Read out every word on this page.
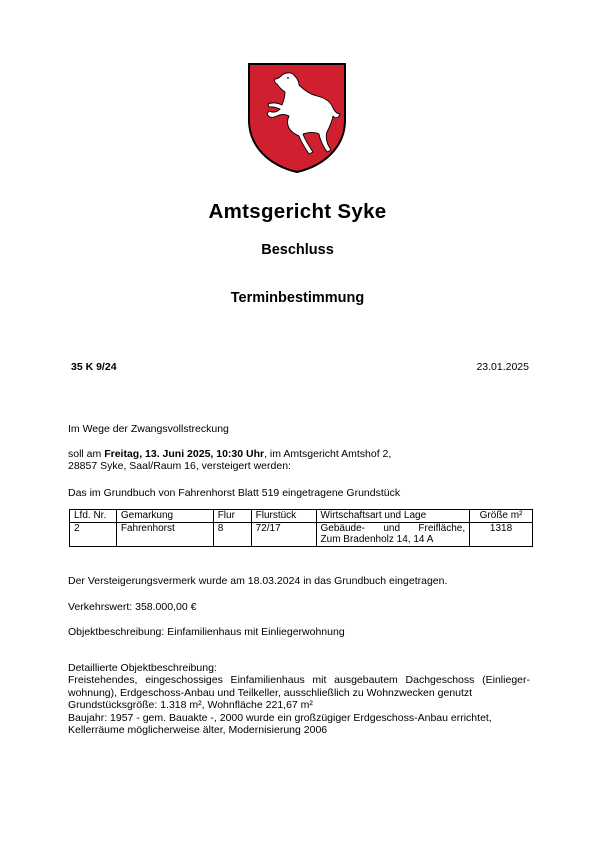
Amtsgericht Syke
Beschluss
Terminbestimmung
35 K 9/24	23.01.2025
Im Wege der Zwangsvollstreckung
soll am Freitag, 13. Juni 2025, 10:30 Uhr, im Amtsgericht Amtshof 2,
28857 Syke, Saal/Raum 16, versteigert werden:
Das im Grundbuch von Fahrenhorst Blatt 519 eingetragene Grundstück
Lfd. Nr.	Gemarkung	Flur	Flurstück	Wirtschaftsart und Lage	Größe m²
2	Fahrenhorst	8	72/17	Gebäude- und Freifläche,
Zum Bradenholz 14, 14 A	1318
Der Versteigerungsvermerk wurde am 18.03.2024 in das Grundbuch eingetragen.
Verkehrswert: 358.000,00 €
Objektbeschreibung: Einfamilienhaus mit Einliegerwohnung
Detaillierte Objektbeschreibung:
Freistehendes, eingeschossiges Einfamilienhaus mit ausgebautem Dachgeschoss (Einlieger-
wohnung), Erdgeschoss-Anbau und Teilkeller, ausschließlich zu Wohnzwecken genutzt
Grundstücksgröße: 1.318 m², Wohnfläche 221,67 m²
Baujahr: 1957 - gem. Bauakte -, 2000 wurde ein großzügiger Erdgeschoss-Anbau errichtet,
Kellerräume möglicherweise älter, Modernisierung 2006
